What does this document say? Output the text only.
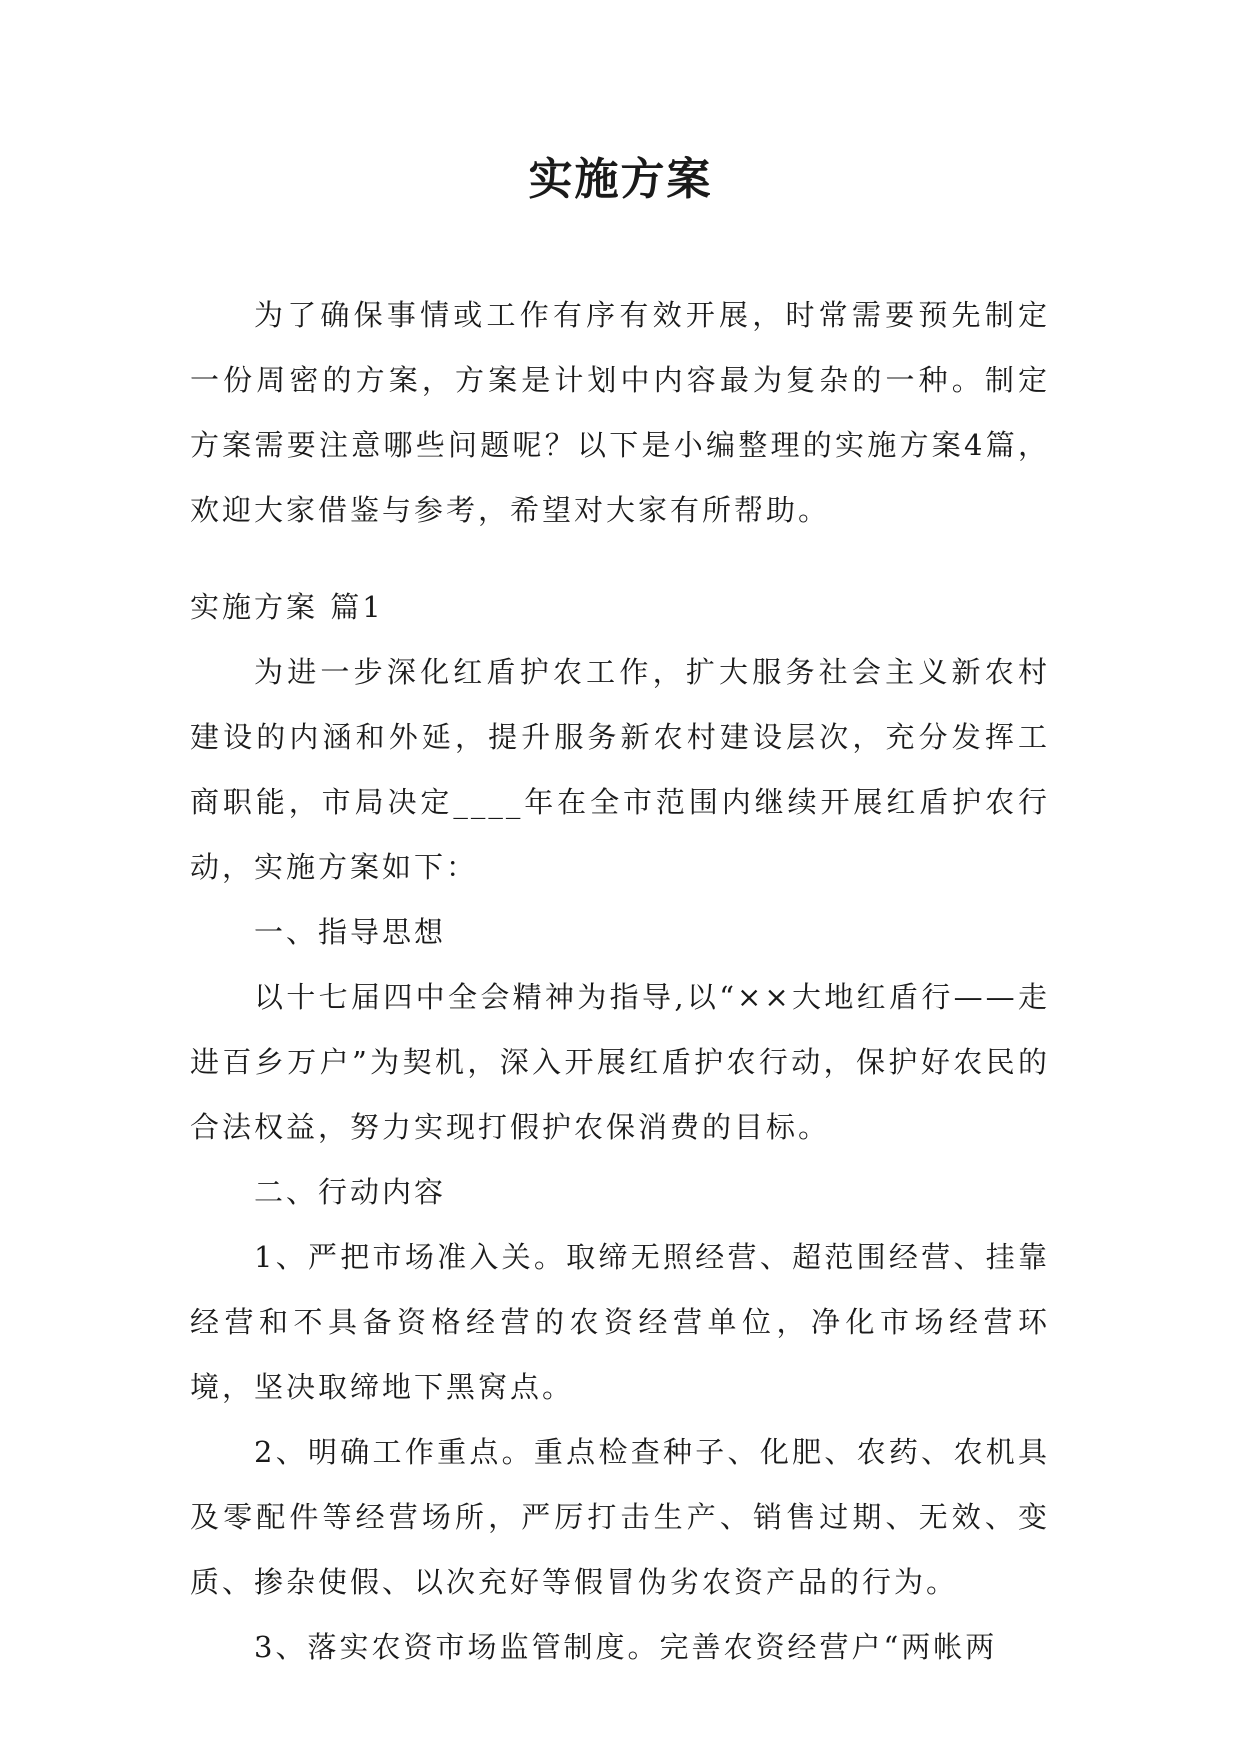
实施方案

为了确保事情或工作有序有效开展，时常需要预先制定一份周密的方案，方案是计划中内容最为复杂的一种。制定方案需要注意哪些问题呢？以下是小编整理的实施方案4篇，欢迎大家借鉴与参考，希望对大家有所帮助。

实施方案 篇1

为进一步深化红盾护农工作，扩大服务社会主义新农村建设的内涵和外延，提升服务新农村建设层次，充分发挥工商职能，市局决定____年在全市范围内继续开展红盾护农行动，实施方案如下：

一、指导思想

以十七届四中全会精神为指导,以“××大地红盾行——走进百乡万户”为契机，深入开展红盾护农行动，保护好农民的合法权益，努力实现打假护农保消费的目标。

二、行动内容

1、严把市场准入关。取缔无照经营、超范围经营、挂靠经营和不具备资格经营的农资经营单位，净化市场经营环境，坚决取缔地下黑窝点。

2、明确工作重点。重点检查种子、化肥、农药、农机具及零配件等经营场所，严厉打击生产、销售过期、无效、变质、掺杂使假、以次充好等假冒伪劣农资产品的行为。

3、落实农资市场监管制度。完善农资经营户“两帐两
